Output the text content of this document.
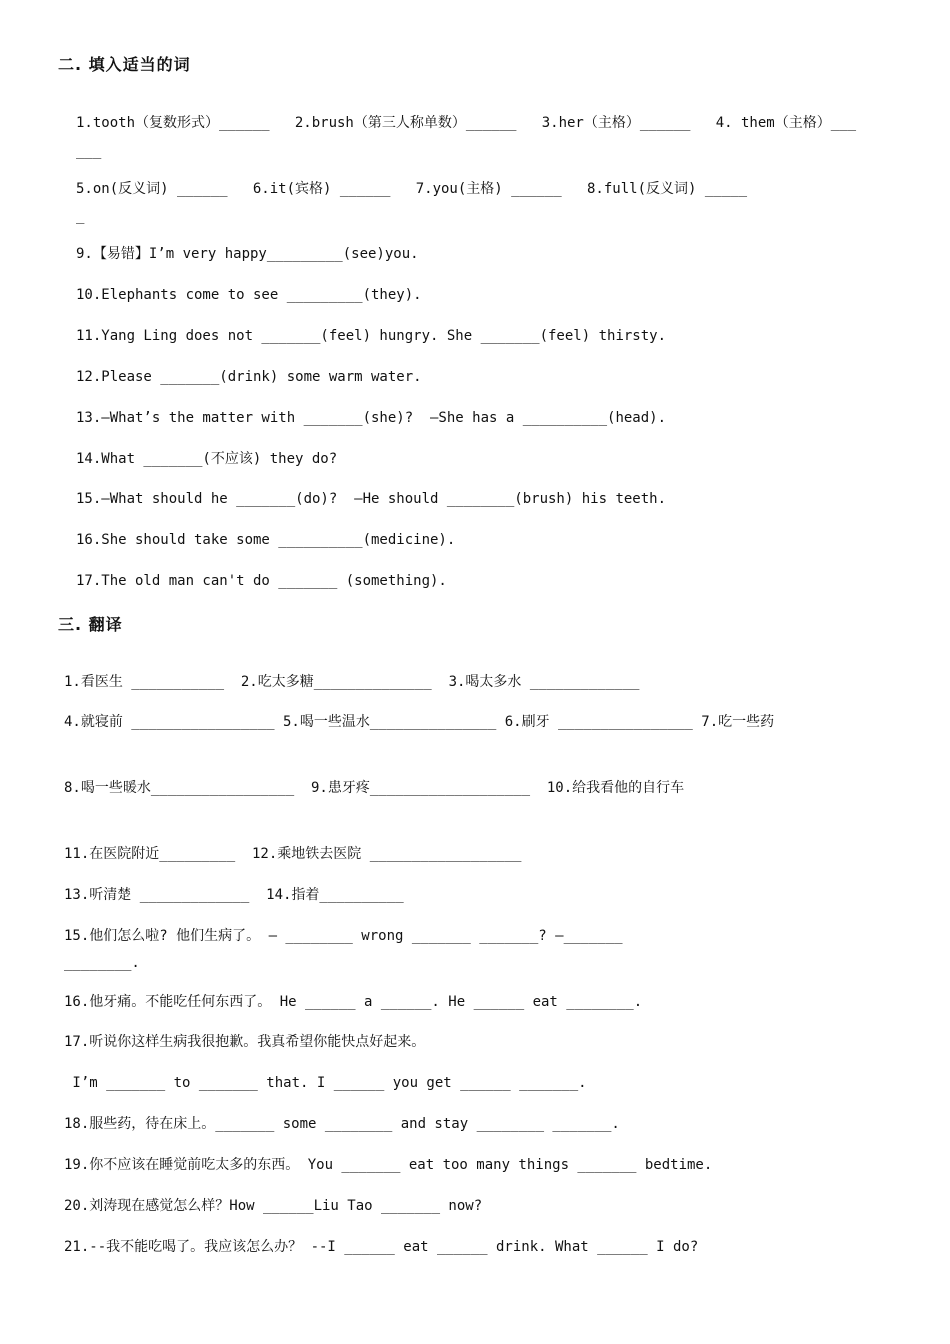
二. 填入适当的词
1.tooth（复数形式）______   2.brush（第三人称单数）______   3.her（主格）______   4. them（主格）___
___
5.on(反义词) ______   6.it(宾格) ______   7.you(主格) ______   8.full(反义词) _____
_
9.【易错】I’m very happy_________(see)you.
10.Elephants come to see _________(they).
11.Yang Ling does not _______(feel) hungry. She _______(feel) thirsty.
12.Please _______(drink) some warm water.
13.—What’s the matter with _______(she)?  —She has a __________(head).
14.What _______(不应该) they do?
15.—What should he _______(do)?  —He should ________(brush) his teeth.
16.She should take some __________(medicine).
17.The old man can't do _______ (something).
三. 翻译
1.看医生 ___________  2.吃太多糖______________  3.喝太多水 _____________
4.就寝前 _________________ 5.喝一些温水_______________ 6.刷牙 ________________ 7.吃一些药
8.喝一些暖水_________________  9.患牙疼___________________  10.给我看他的自行车
11.在医院附近_________  12.乘地铁去医院 __________________
13.听清楚 _____________  14.指着__________
15.他们怎么啦? 他们生病了。 — ________ wrong _______ _______? —_______
________.
16.他牙痛。不能吃任何东西了。 He ______ a ______. He ______ eat ________.
17.听说你这样生病我很抱歉。我真希望你能快点好起来。
I’m _______ to _______ that. I ______ you get ______ _______.
18.服些药，待在床上。_______ some ________ and stay ________ _______.
19.你不应该在睡觉前吃太多的东西。 You _______ eat too many things _______ bedtime.
20.刘涛现在感觉怎么样？How ______Liu Tao _______ now?
21.--我不能吃喝了。我应该怎么办？ --I ______ eat ______ drink. What ______ I do?
